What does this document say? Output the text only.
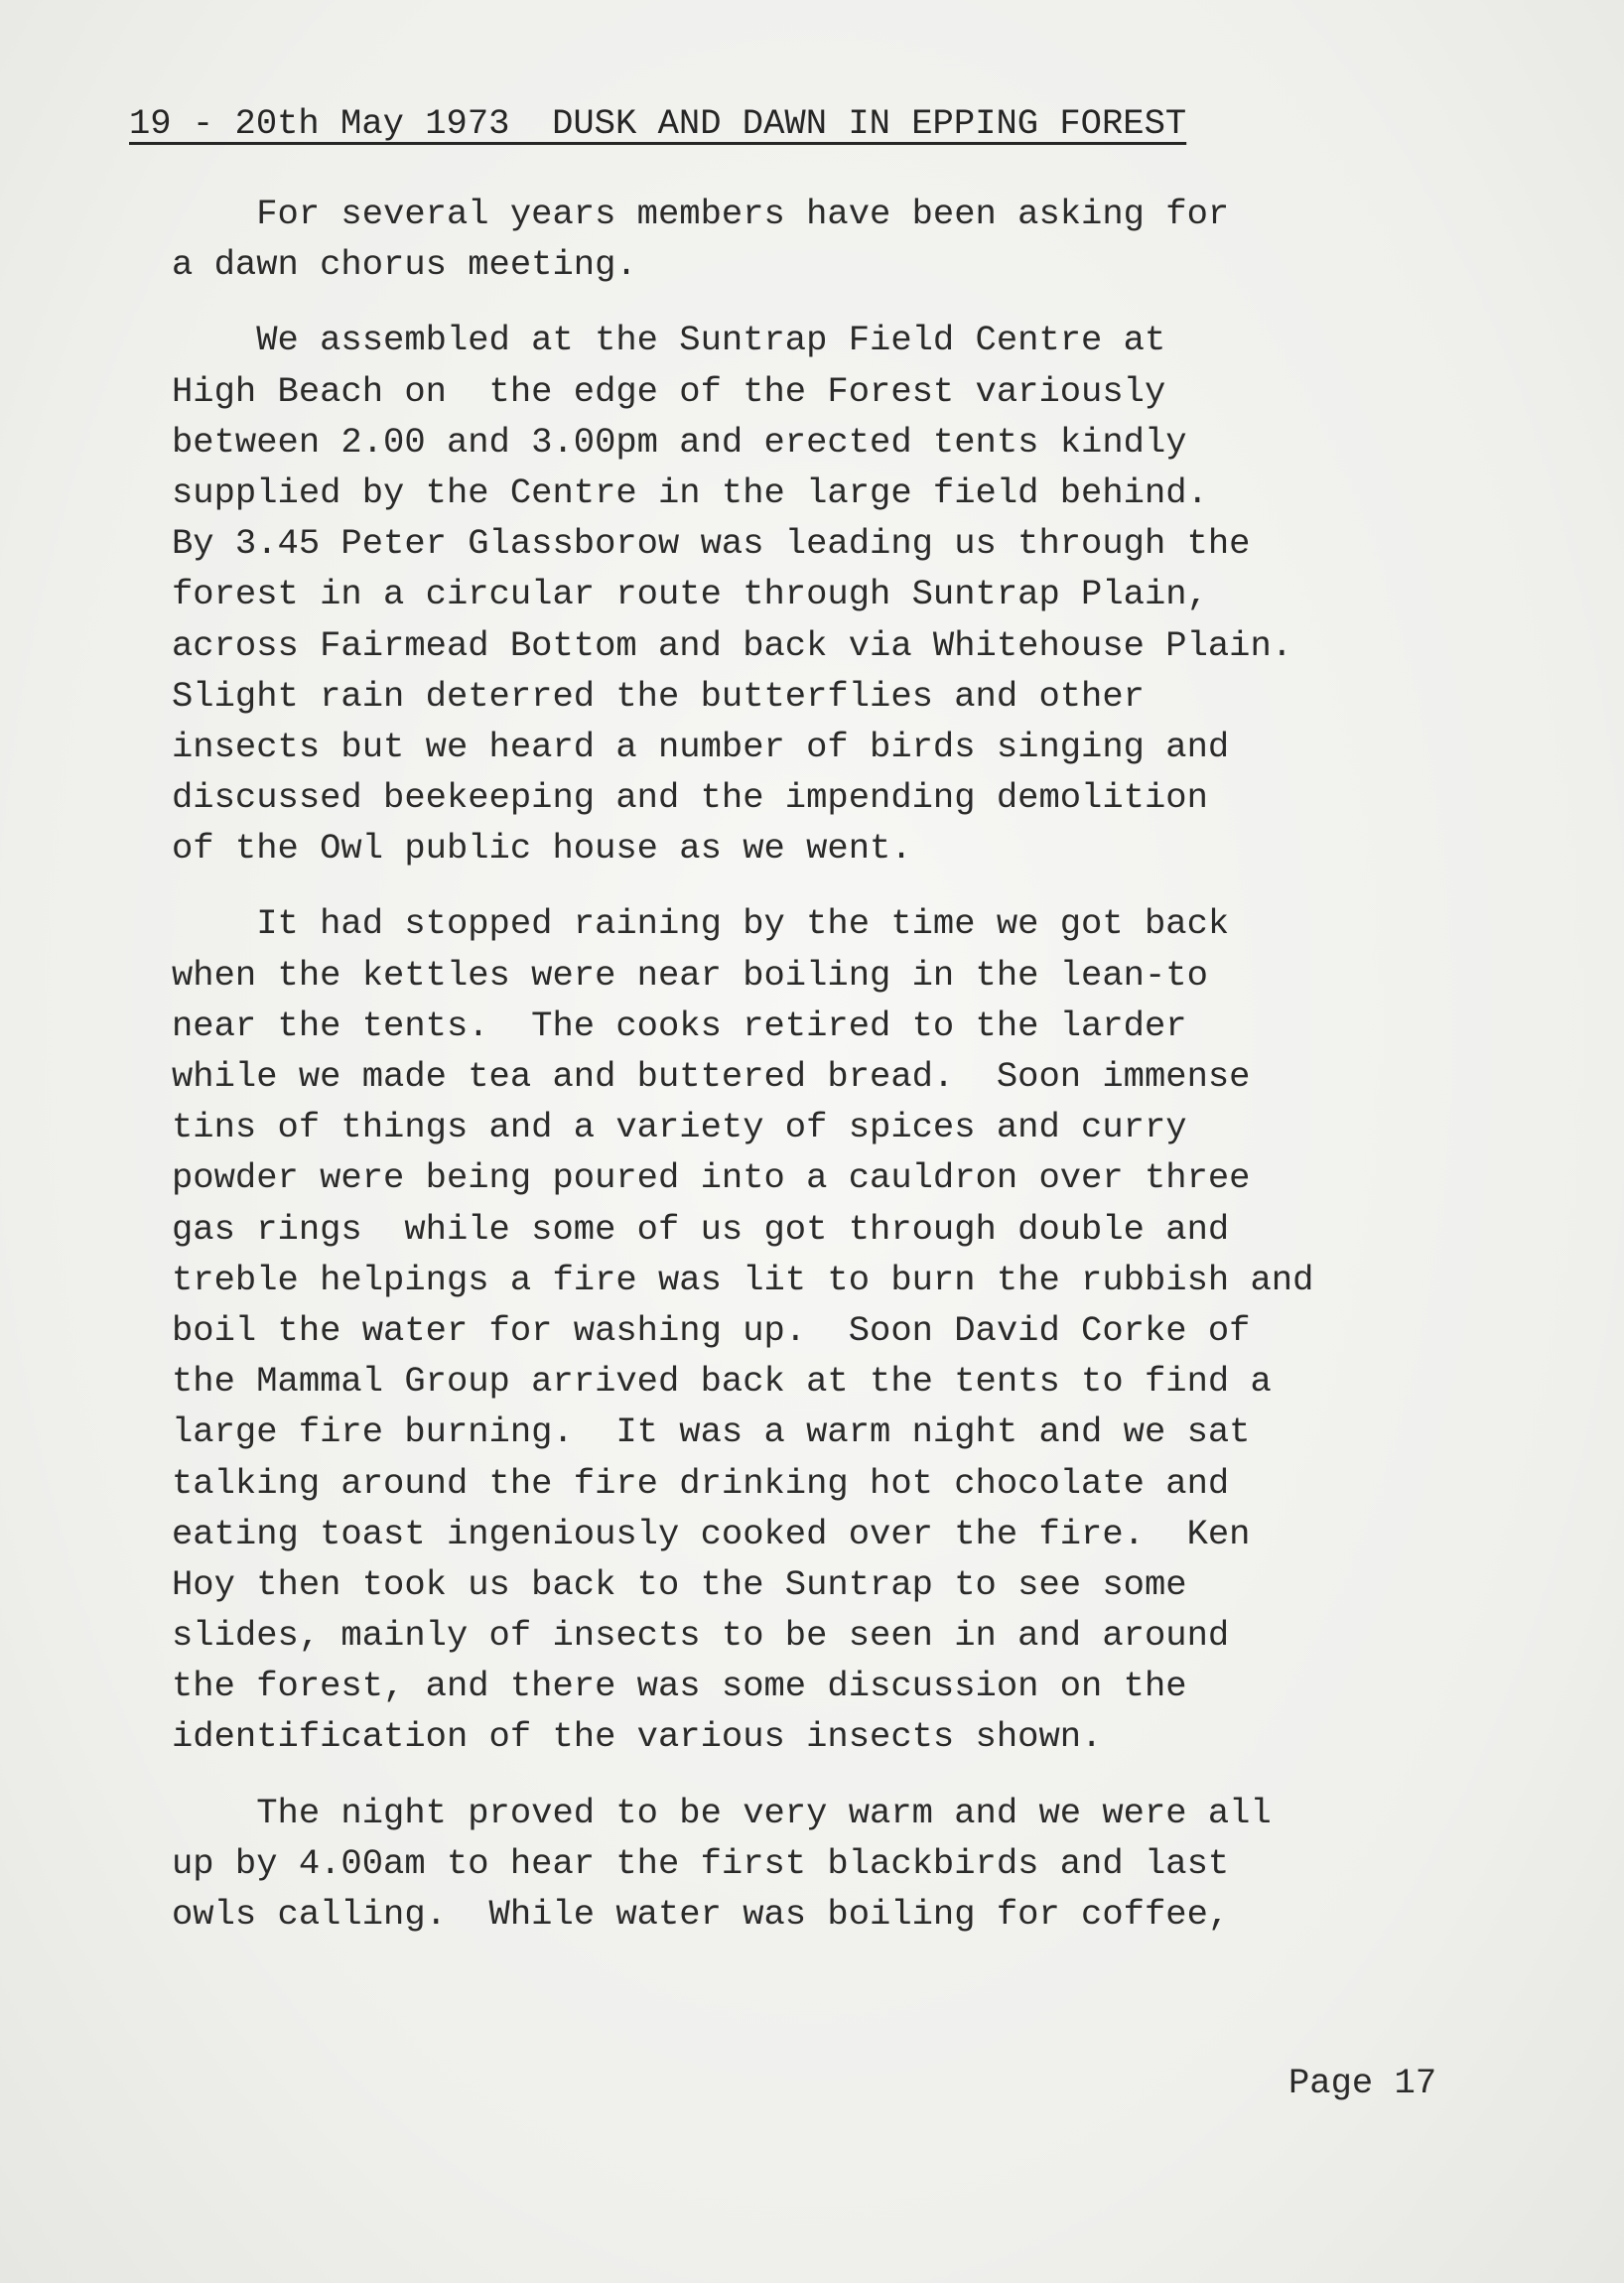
19 - 20th May 1973  DUSK AND DAWN IN EPPING FOREST
For several years members have been asking for
a dawn chorus meeting.
We assembled at the Suntrap Field Centre at
High Beach on  the edge of the Forest variously
between 2.00 and 3.00pm and erected tents kindly
supplied by the Centre in the large field behind.
By 3.45 Peter Glassborow was leading us through the
forest in a circular route through Suntrap Plain,
across Fairmead Bottom and back via Whitehouse Plain.
Slight rain deterred the butterflies and other
insects but we heard a number of birds singing and
discussed beekeeping and the impending demolition
of the Owl public house as we went.
It had stopped raining by the time we got back
when the kettles were near boiling in the lean-to
near the tents.  The cooks retired to the larder
while we made tea and buttered bread.  Soon immense
tins of things and a variety of spices and curry
powder were being poured into a cauldron over three
gas rings  while some of us got through double and
treble helpings a fire was lit to burn the rubbish and
boil the water for washing up.  Soon David Corke of
the Mammal Group arrived back at the tents to find a
large fire burning.  It was a warm night and we sat
talking around the fire drinking hot chocolate and
eating toast ingeniously cooked over the fire.  Ken
Hoy then took us back to the Suntrap to see some
slides, mainly of insects to be seen in and around
the forest, and there was some discussion on the
identification of the various insects shown.
The night proved to be very warm and we were all
up by 4.00am to hear the first blackbirds and last
owls calling.  While water was boiling for coffee,
Page 17
